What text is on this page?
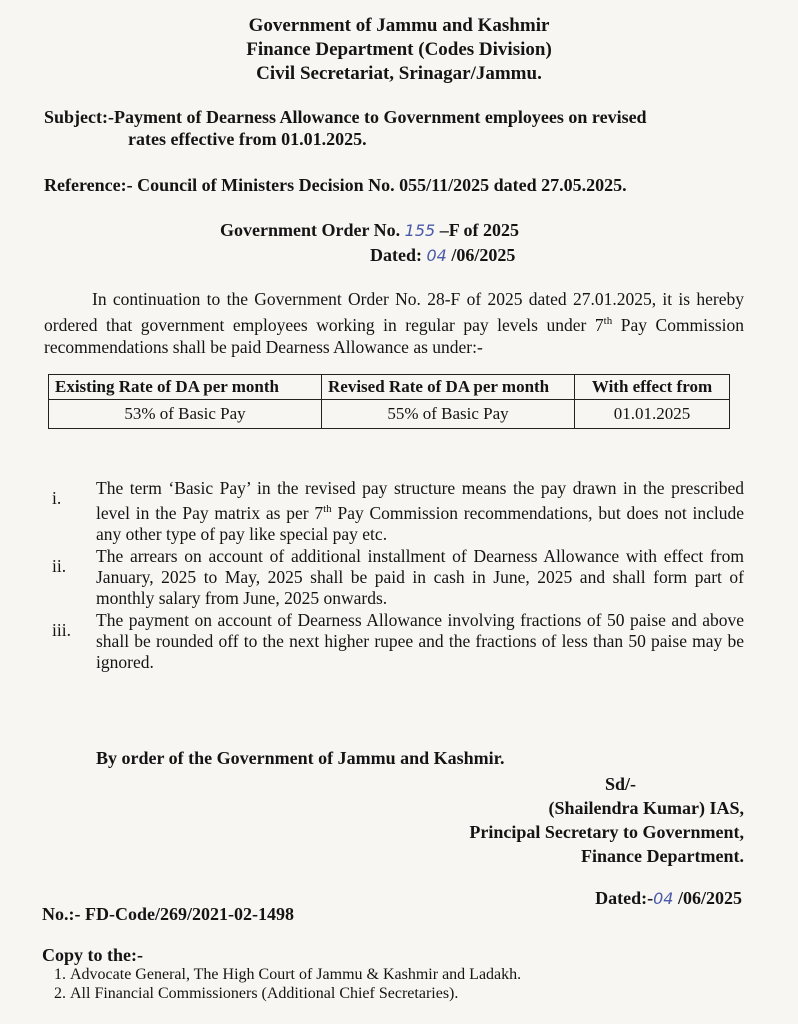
Government of Jammu and Kashmir
Finance Department (Codes Division)
Civil Secretariat, Srinagar/Jammu.
Subject:-Payment of Dearness Allowance to Government employees on revised
rates effective from 01.01.2025.
Reference:- Council of Ministers Decision No. 055/11/2025 dated 27.05.2025.
Government Order No. 155 –F of 2025
Dated: 04 /06/2025
In continuation to the Government Order No. 28-F of 2025 dated 27.01.2025, it is hereby ordered that government employees working in regular pay levels under 7th Pay Commission recommendations shall be paid Dearness Allowance as under:-
Existing Rate of DA per month	Revised Rate of DA per month	With effect from
53% of Basic Pay	55% of Basic Pay	01.01.2025
i.	The term ‘Basic Pay’ in the revised pay structure means the pay drawn in the prescribed level in the Pay matrix as per 7th Pay Commission recommendations, but does not include any other type of pay like special pay etc.
ii.	The arrears on account of additional installment of Dearness Allowance with effect from January, 2025 to May, 2025 shall be paid in cash in June, 2025 and shall form part of monthly salary from June, 2025 onwards.
iii.	The payment on account of Dearness Allowance involving fractions of 50 paise and above shall be rounded off to the next higher rupee and the fractions of less than 50 paise may be ignored.
By order of the Government of Jammu and Kashmir.
Sd/-
(Shailendra Kumar) IAS,
Principal Secretary to Government,
Finance Department.
Dated:-04 /06/2025
No.:- FD-Code/269/2021-02-1498
Copy to the:-
1. Advocate General, The High Court of Jammu & Kashmir and Ladakh.
2. All Financial Commissioners (Additional Chief Secretaries).
